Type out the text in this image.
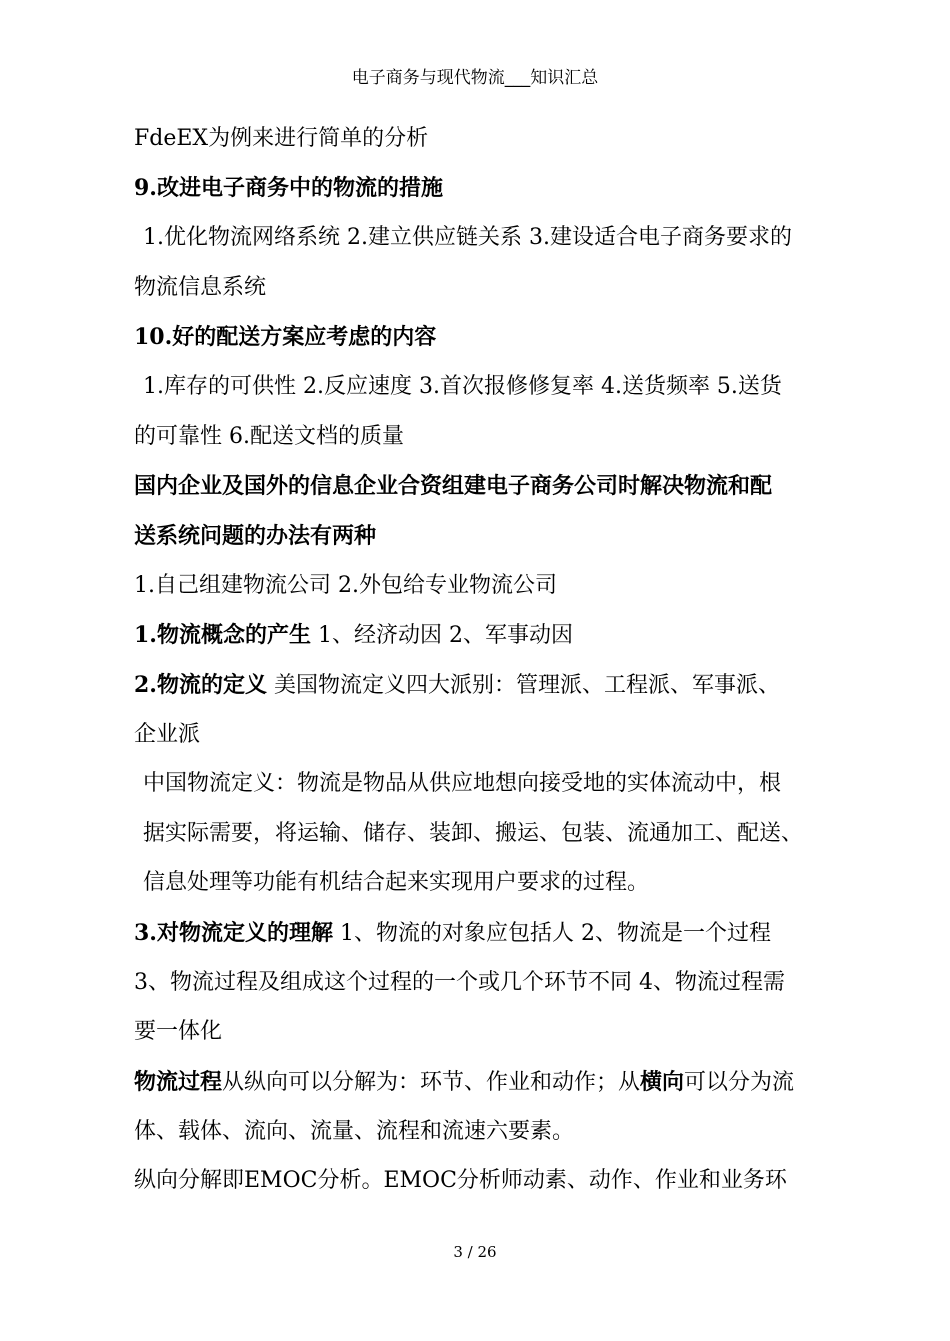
电子商务与现代物流___知识汇总
FdeEX为例来进行简单的分析
9.改进电子商务中的物流的措施
1.优化物流网络系统 2.建立供应链关系 3.建设适合电子商务要求的
物流信息系统
10.好的配送方案应考虑的内容
1.库存的可供性 2.反应速度 3.首次报修修复率 4.送货频率 5.送货
的可靠性 6.配送文档的质量
国内企业及国外的信息企业合资组建电子商务公司时解决物流和配
送系统问题的办法有两种
1.自己组建物流公司 2.外包给专业物流公司
1.物流概念的产生 1、经济动因 2、军事动因
2.物流的定义 美国物流定义四大派别：管理派、工程派、军事派、
企业派
中国物流定义：物流是物品从供应地想向接受地的实体流动中，根
据实际需要，将运输、储存、装卸、搬运、包装、流通加工、配送、
信息处理等功能有机结合起来实现用户要求的过程。
3.对物流定义的理解 1、物流的对象应包括人 2、物流是一个过程
3、物流过程及组成这个过程的一个或几个环节不同 4、物流过程需
要一体化
物流过程从纵向可以分解为：环节、作业和动作；从横向可以分为流
体、载体、流向、流量、流程和流速六要素。
纵向分解即EMOC分析。EMOC分析师动素、动作、作业和业务环
3 / 26
